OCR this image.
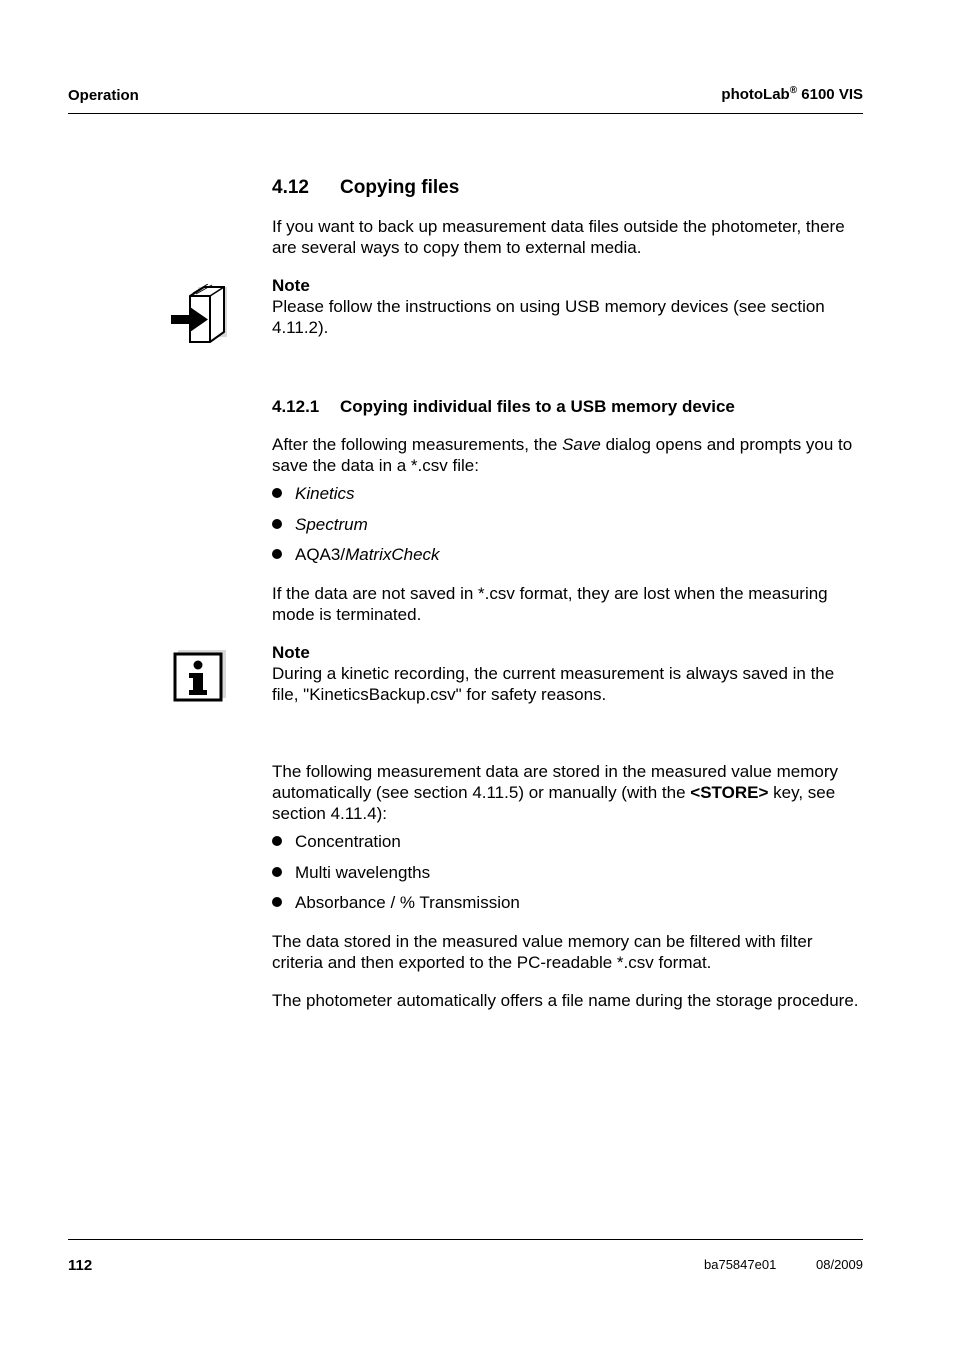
Operation	photoLab® 6100 VIS
4.12 Copying files
If you want to back up measurement data files outside the photometer, there are several ways to copy them to external media.
Note
Please follow the instructions on using USB memory devices (see section 4.11.2).
4.12.1 Copying individual files to a USB memory device
After the following measurements, the Save dialog opens and prompts you to save the data in a *.csv file:
Kinetics
Spectrum
AQA3/MatrixCheck
If the data are not saved in *.csv format, they are lost when the measuring mode is terminated.
Note
During a kinetic recording, the current measurement is always saved in the file, "KineticsBackup.csv" for safety reasons.
The following measurement data are stored in the measured value memory automatically (see section 4.11.5) or manually (with the <STORE> key, see section 4.11.4):
Concentration
Multi wavelengths
Absorbance / % Transmission
The data stored in the measured value memory can be filtered with filter criteria and then exported to the PC-readable *.csv format.
The photometer automatically offers a file name during the storage procedure.
112	ba75847e01	08/2009
